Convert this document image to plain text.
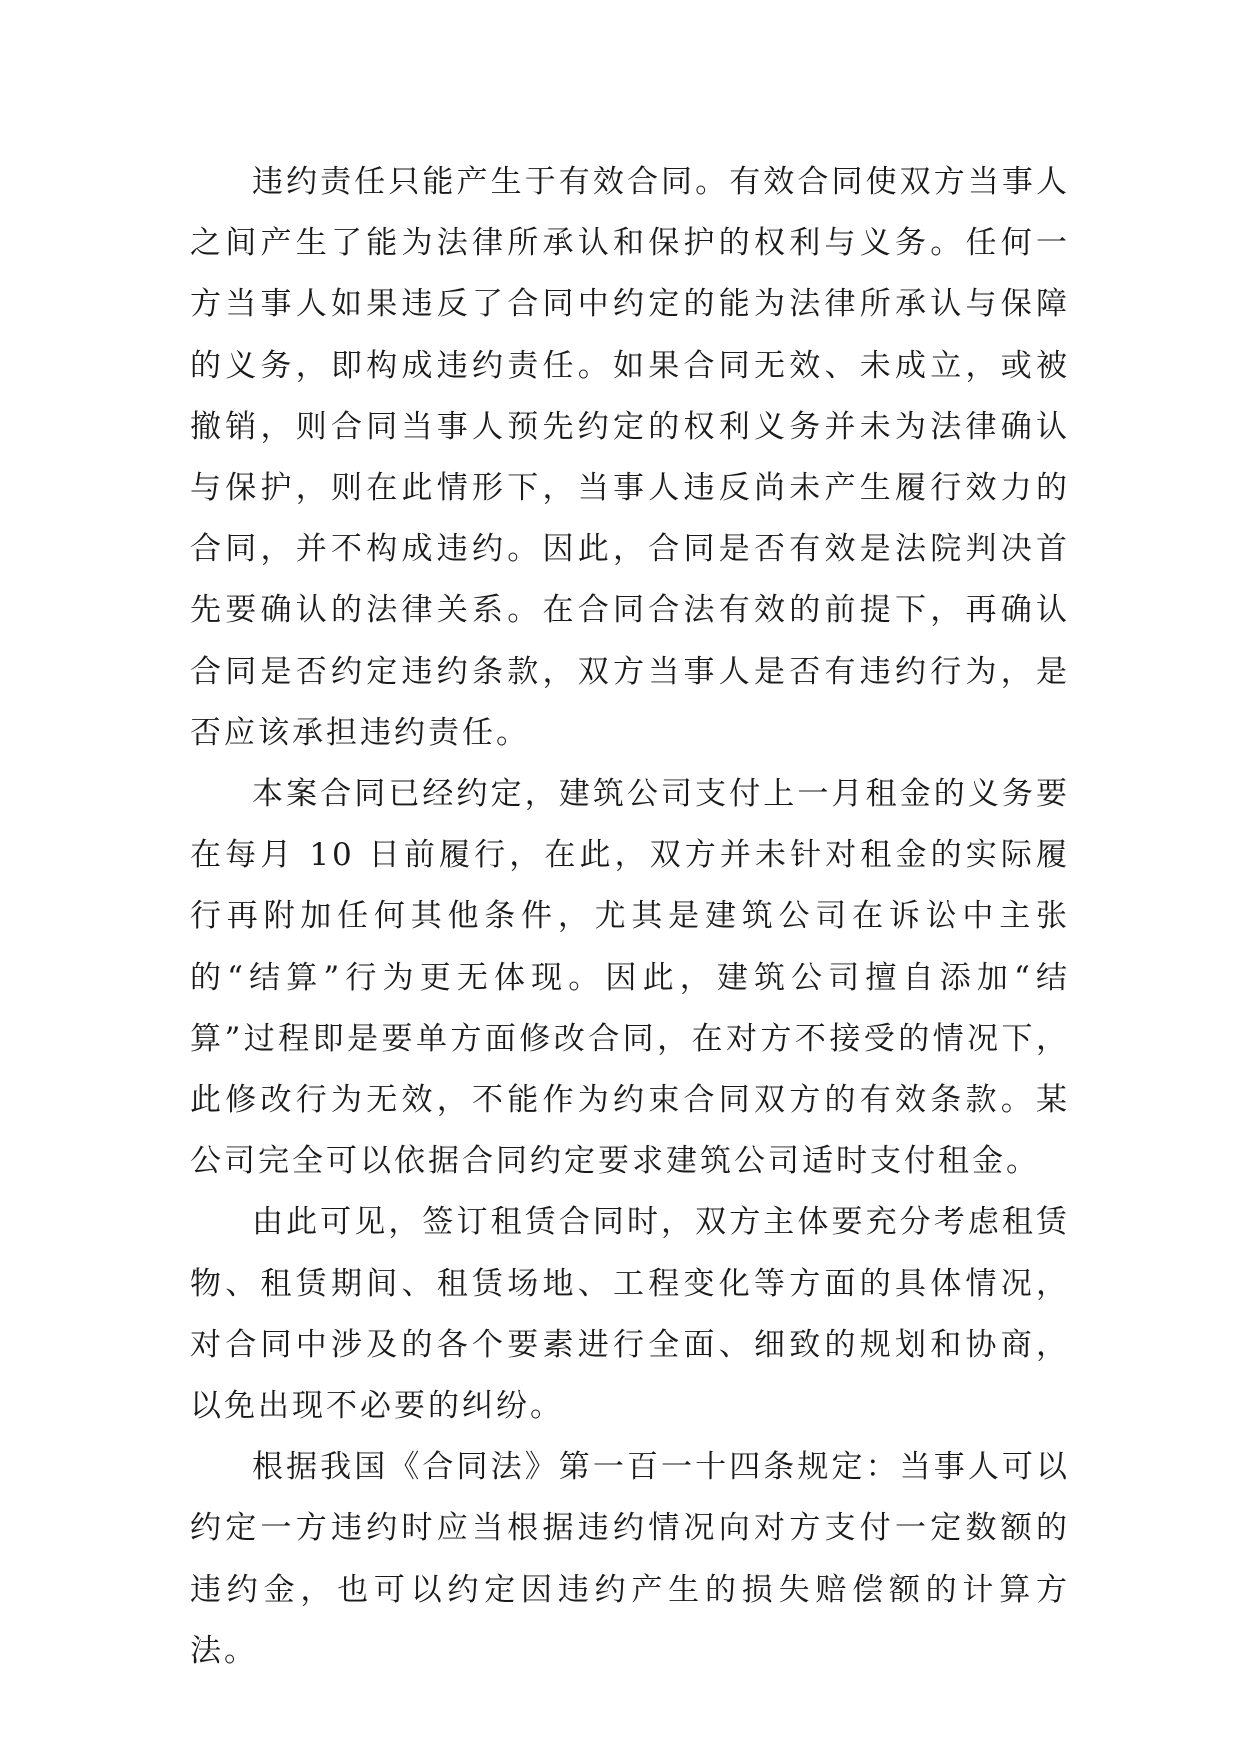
违约责任只能产生于有效合同。有效合同使双方当事人之间产生了能为法律所承认和保护的权利与义务。任何一方当事人如果违反了合同中约定的能为法律所承认与保障的义务，即构成违约责任。如果合同无效、未成立，或被撤销，则合同当事人预先约定的权利义务并未为法律确认与保护，则在此情形下，当事人违反尚未产生履行效力的合同，并不构成违约。因此，合同是否有效是法院判决首先要确认的法律关系。在合同合法有效的前提下，再确认合同是否约定违约条款，双方当事人是否有违约行为，是否应该承担违约责任。

本案合同已经约定，建筑公司支付上一月租金的义务要在每月 10 日前履行，在此，双方并未针对租金的实际履行再附加任何其他条件，尤其是建筑公司在诉讼中主张的“结算”行为更无体现。因此，建筑公司擅自添加“结算”过程即是要单方面修改合同，在对方不接受的情况下，此修改行为无效，不能作为约束合同双方的有效条款。某公司完全可以依据合同约定要求建筑公司适时支付租金。

由此可见，签订租赁合同时，双方主体要充分考虑租赁物、租赁期间、租赁场地、工程变化等方面的具体情况，对合同中涉及的各个要素进行全面、细致的规划和协商，以免出现不必要的纠纷。

根据我国《合同法》第一百一十四条规定：当事人可以约定一方违约时应当根据违约情况向对方支付一定数额的违约金，也可以约定因违约产生的损失赔偿额的计算方法。
